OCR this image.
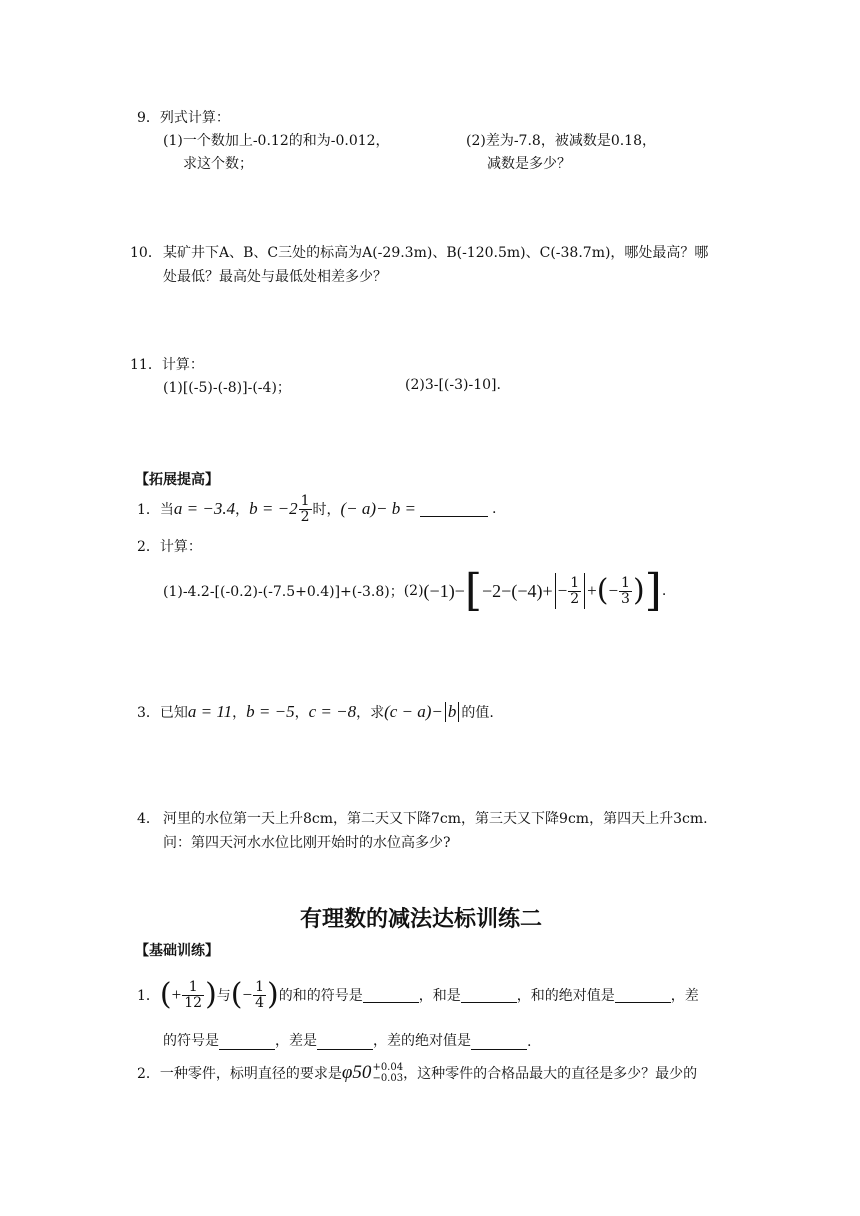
9．列式计算：
(1)一个数加上-0.12的和为-0.012，
求这个数；
(2)差为-7.8，被减数是0.18，
减数是多少？
10． 某矿井下A、B、C三处的标高为A(-29.3m)、B(-120.5m)、C(-38.7m)，哪处最高？哪
处最低？最高处与最低处相差多少？
11．计算：
(1)[(-5)-(-8)]-(-4)；	(2)3-[(-3)-10].
【拓展提高】
1． 当 a = −3.4 ， $b = -2 \frac{1}{2}$ 时， (− a)− b =	.
2．计算：
(1)-4.2-[(-0.2)-(-7.5+0.4)]+(-3.8)； (2) (−1)− [ $-2-(-4)+ - \frac{1}{2}$ + ( − $\frac{1}{3}$ ) ] .
3． 已知 a = 11 ， b = −5 ， c = −8 ，求 (c − a)− b 的值.
4． 河里的水位第一天上升8cm，第二天又下降7cm，第三天又下降9cm，第四天上升3cm.
问：第四天河水水位比刚开始时的水位高多少?
有理数的减法达标训练二
【基础训练】
1． ( + $\frac{1}{12}$ ) 与 ( − $\frac{1}{4}$ ) 的和的符号是	，和是	，和的绝对值是	，差
的符号是	，差是	，差的绝对值是	.
2． 一种零件，标明直径的要求是 φ50 +0.04
−0.03 ，这种零件的合格品最大的直径是多少？最少的
